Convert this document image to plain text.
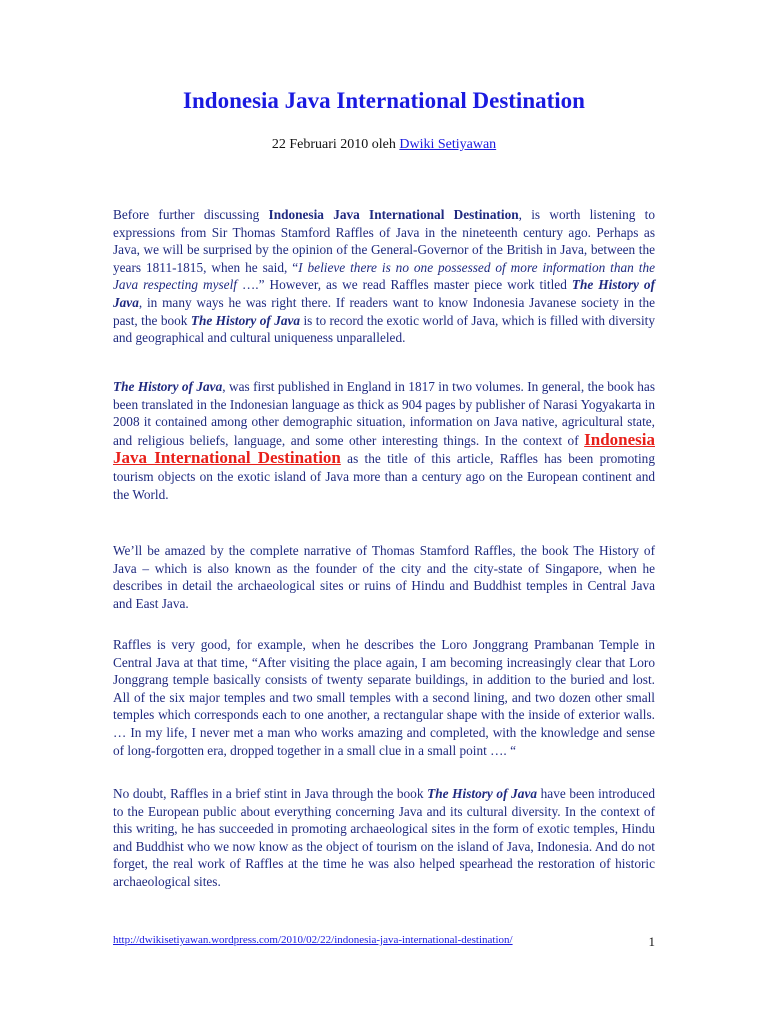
Indonesia Java International Destination
22 Februari 2010 oleh Dwiki Setiyawan

Before further discussing Indonesia Java International Destination, is worth listening to expressions from Sir Thomas Stamford Raffles of Java in the nineteenth century ago. Perhaps as Java, we will be surprised by the opinion of the General-Governor of the British in Java, between the years 1811-1815, when he said, “I believe there is no one possessed of more information than the Java respecting myself ….” However, as we read Raffles master piece work titled The History of Java, in many ways he was right there. If readers want to know Indonesia Javanese society in the past, the book The History of Java is to record the exotic world of Java, which is filled with diversity and geographical and cultural uniqueness unparalleled.

The History of Java, was first published in England in 1817 in two volumes. In general, the book has been translated in the Indonesian language as thick as 904 pages by publisher of Narasi Yogyakarta in 2008 it contained among other demographic situation, information on Java native, agricultural state, and religious beliefs, language, and some other interesting things. In the context of Indonesia Java International Destination as the title of this article, Raffles has been promoting tourism objects on the exotic island of Java more than a century ago on the European continent and the World.

We’ll be amazed by the complete narrative of Thomas Stamford Raffles, the book The History of Java – which is also known as the founder of the city and the city-state of Singapore, when he describes in detail the archaeological sites or ruins of Hindu and Buddhist temples in Central Java and East Java.

Raffles is very good, for example, when he describes the Loro Jonggrang Prambanan Temple in Central Java at that time, “After visiting the place again, I am becoming increasingly clear that Loro Jonggrang temple basically consists of twenty separate buildings, in addition to the buried and lost. All of the six major temples and two small temples with a second lining, and two dozen other small temples which corresponds each to one another, a rectangular shape with the inside of exterior walls. … In my life, I never met a man who works amazing and completed, with the knowledge and sense of long-forgotten era, dropped together in a small clue in a small point …. “

No doubt, Raffles in a brief stint in Java through the book The History of Java have been introduced to the European public about everything concerning Java and its cultural diversity. In the context of this writing, he has succeeded in promoting archaeological sites in the form of exotic temples, Hindu and Buddhist who we now know as the object of tourism on the island of Java, Indonesia. And do not forget, the real work of Raffles at the time he was also helped spearhead the restoration of historic archaeological sites.

http://dwikisetiyawan.wordpress.com/2010/02/22/indonesia-java-international-destination/	1
